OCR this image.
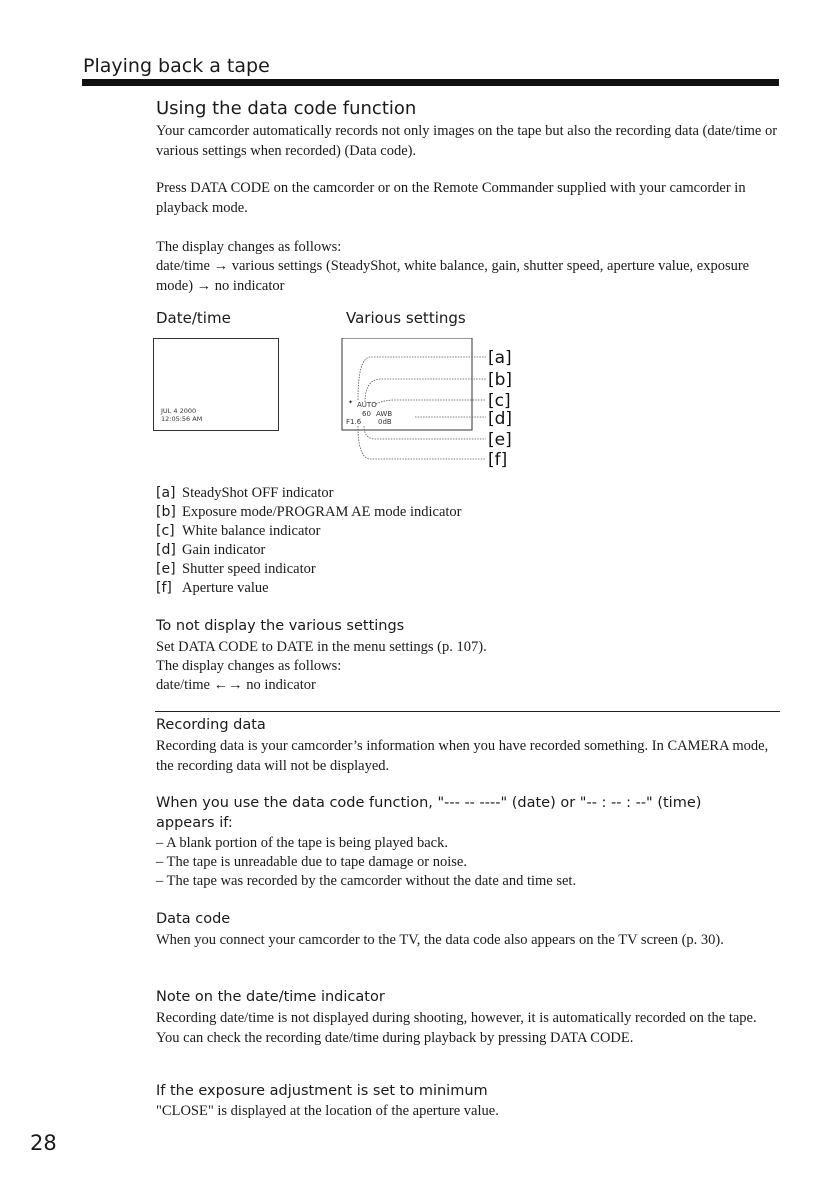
Playing back a tape
Using the data code function
Your camcorder automatically records not only images on the tape but also the recording data (date/time or various settings when recorded) (Data code).
Press DATA CODE on the camcorder or on the Remote Commander supplied with your camcorder in playback mode.
The display changes as follows:
date/time → various settings (SteadyShot, white balance, gain, shutter speed, aperture value, exposure mode) → no indicator
Date/time	Various settings
JUL 4 2000
12:05:56 AM
✦ AUTO
60 AWB
F1.6 0dB
[a]
[b]
[c]
[d]
[e]
[f]
[a] SteadyShot OFF indicator
[b] Exposure mode/PROGRAM AE mode indicator
[c] White balance indicator
[d] Gain indicator
[e] Shutter speed indicator
[f] Aperture value
To not display the various settings
Set DATA CODE to DATE in the menu settings (p. 107).
The display changes as follows:
date/time ←→ no indicator
Recording data
Recording data is your camcorder’s information when you have recorded something. In CAMERA mode, the recording data will not be displayed.
When you use the data code function, "--- -- ----" (date) or "-- : -- : --" (time)
appears if:
– A blank portion of the tape is being played back.
– The tape is unreadable due to tape damage or noise.
– The tape was recorded by the camcorder without the date and time set.
Data code
When you connect your camcorder to the TV, the data code also appears on the TV screen (p. 30).
Note on the date/time indicator
Recording date/time is not displayed during shooting, however, it is automatically recorded on the tape. You can check the recording date/time during playback by pressing DATA CODE.
If the exposure adjustment is set to minimum
"CLOSE" is displayed at the location of the aperture value.
28
